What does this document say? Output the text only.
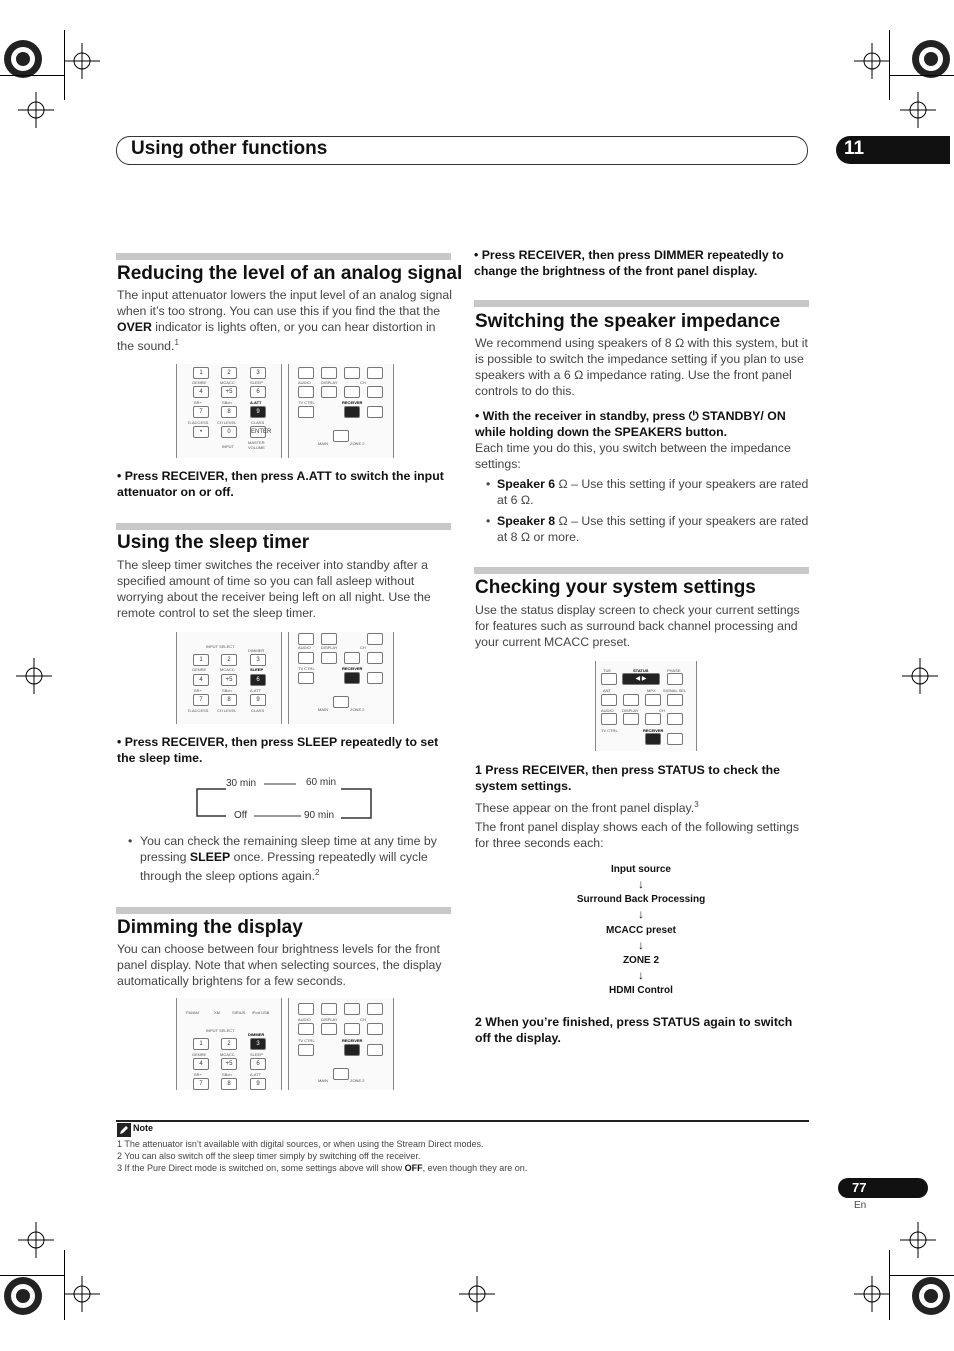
Using other functions	11
Reducing the level of an analog signal
The input attenuator lowers the input level of an analog signal when it’s too strong. You can use this if you find the that the OVER indicator is lights often, or you can hear distortion in the sound.$^1$
1	2	3
GENRE	MCACC	SLEEP
4	+5	6
SR+	SBch	A.ATT
7	8	9
D.ACCESS CH LEVEL	CLASS
•	0	ENTER
INPUT
MASTER VOLUME
AUDIO	DISPLAY	CH
TV CTRL	RECEIVER
MAIN	ZONE 2
• Press RECEIVER, then press A.ATT to switch the input attenuator on or off.
Using the sleep timer
The sleep timer switches the receiver into standby after a specified amount of time so you can fall asleep without worrying about the receiver being left on all night. Use the remote control to set the sleep timer.
INPUT SELECT
DIMMER
1	2	3
GENRE	MCACC	SLEEP
4	+5	6
SR+	SBch	A.ATT
7	8	9
D.ACCESS CH LEVEL	CLASS
AUDIO	DISPLAY	CH
TV CTRL	RECEIVER
MAIN	ZONE 2
• Press RECEIVER, then press SLEEP repeatedly to set the sleep time.
30 min	60 min
Off	90 min
• You can check the remaining sleep time at any time by pressing SLEEP once. Pressing repeatedly will cycle through the sleep options again.$^2$
Dimming the display
You can choose between four brightness levels for the front panel display. Note that when selecting sources, the display automatically brightens for a few seconds.
FM/AM	XM	SIRIUS iPod USB
INPUT SELECT
DIMMER
1	2	3
GENRE	MCACC	SLEEP
4	+5	6
SR+	SBch	A.ATT
7	8	9
AUDIO	DISPLAY	CH
TV CTRL	RECEIVER
MAIN	ZONE 2
• Press RECEIVER, then press DIMMER repeatedly to change the brightness of the front panel display.
Switching the speaker impedance
We recommend using speakers of 8 Ω with this system, but it is possible to switch the impedance setting if you plan to use speakers with a 6 Ω impedance rating. Use the front panel controls to do this.
• With the receiver in standby, press ⏻ STANDBY/ ON while holding down the SPEAKERS button.
Each time you do this, you switch between the impedance settings:
• Speaker 6 Ω – Use this setting if your speakers are rated at 6 Ω.
• Speaker 8 Ω – Use this setting if your speakers are rated at 8 Ω or more.
Checking your system settings
Use the status display screen to check your current settings for features such as surround back channel processing and your current MCACC preset.
TUE	STATUS	PHASE
◀ ▶
ANT	MPX SIGNAL SEL
AUDIO DISPLAY	CH
TV CTRL	RECEIVER
1 Press RECEIVER, then press STATUS to check the system settings.
These appear on the front panel display.$^3$
The front panel display shows each of the following settings for three seconds each:
Input source
↓
Surround Back Processing
↓
MCACC preset
↓
ZONE 2
↓
HDMI Control
2 When you’re finished, press STATUS again to switch off the display.
Note
1 The attenuator isn’t available with digital sources, or when using the Stream Direct modes.
2 You can also switch off the sleep timer simply by switching off the receiver.
3 If the Pure Direct mode is switched on, some settings above will show OFF, even though they are on.
77
En
